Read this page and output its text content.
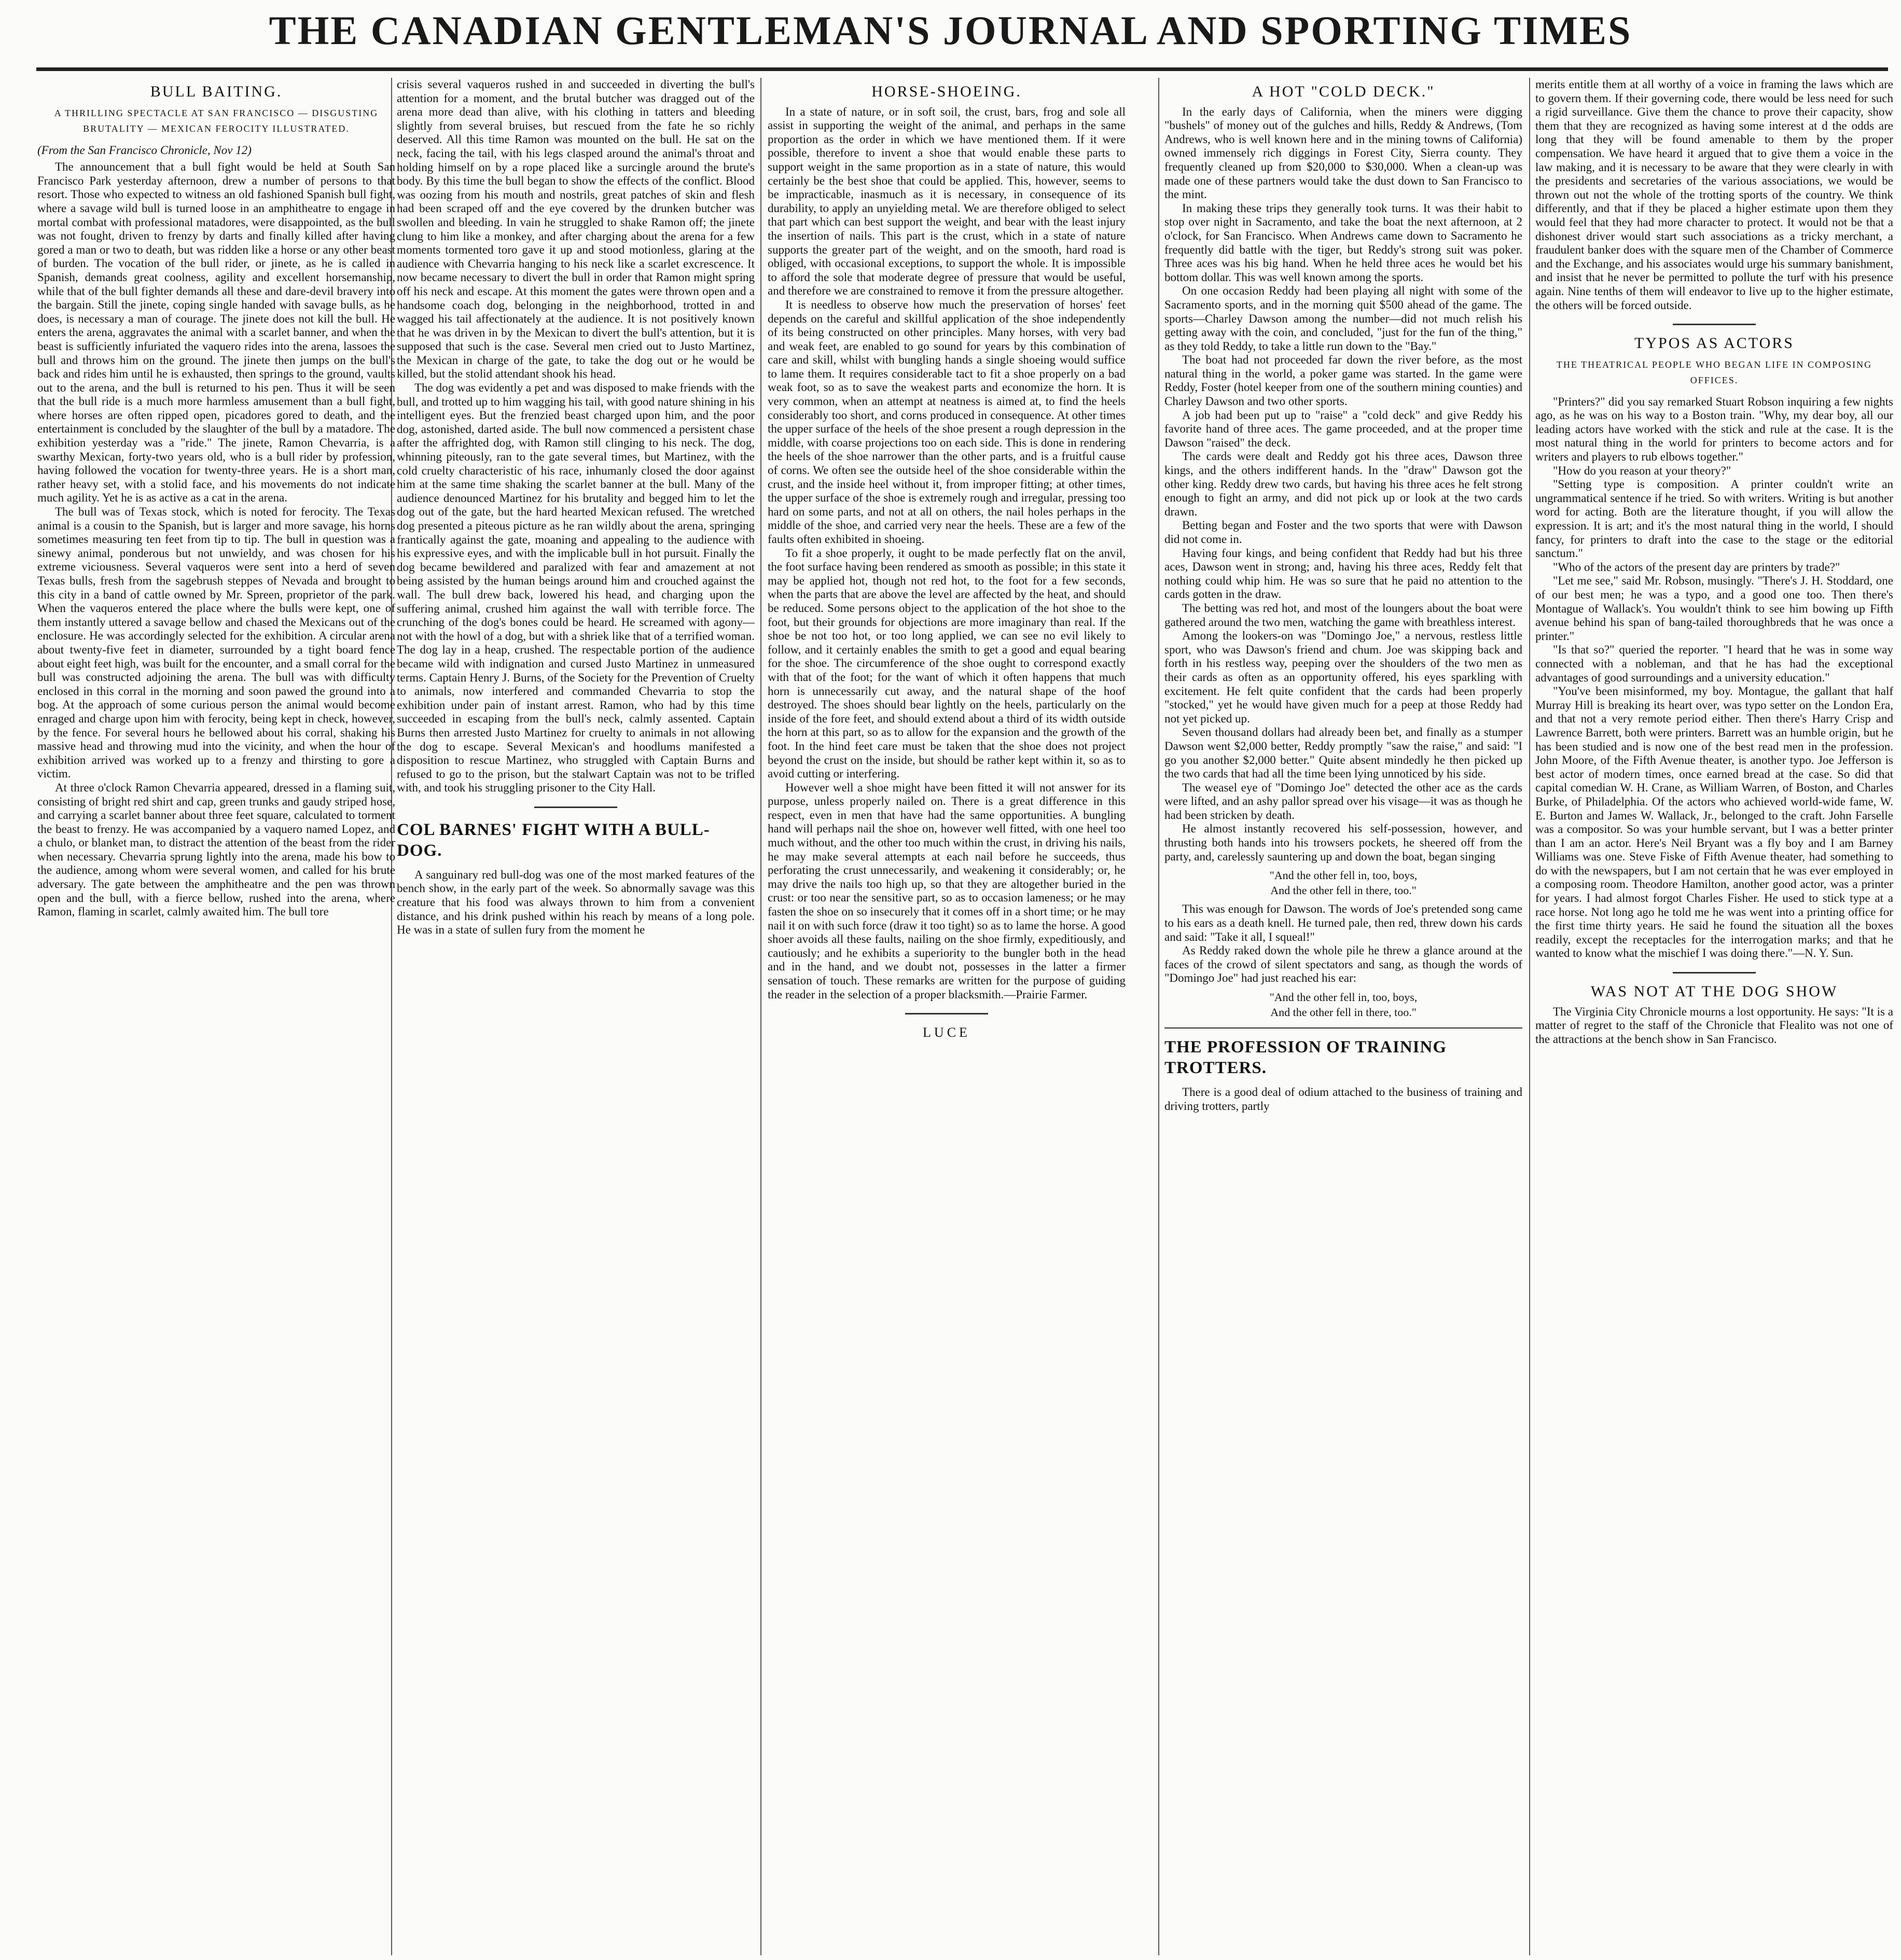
THE CANADIAN GENTLEMAN'S JOURNAL AND SPORTING TIMES
BULL BAITING.
A THRILLING SPECTACLE AT SAN FRANCISCO — DISGUSTING BRUTALITY — MEXICAN FEROCITY ILLUSTRATED.

(From the San Francisco Chronicle, Nov 12)

The announcement that a bull fight would be held at South San Francisco Park yesterday afternoon, drew a number of persons to that resort. Those who expected to witness an old fashioned Spanish bull fight, where a savage wild bull is turned loose in an amphitheatre to engage in mortal combat with professional matadores, were disappointed, as the bull was not fought, driven to frenzy by darts and finally killed after having gored a man or two to death, but was ridden like a horse or any other beast of burden. The vocation of the bull rider, or jinete, as he is called in Spanish, demands great coolness, agility and excellent horsemanship, while that of the bull fighter demands all these and dare-devil bravery into the bargain. Still the jinete, coping single handed with savage bulls, as he does, is necessary a man of courage. The jinete does not kill the bull. He enters the arena, aggravates the animal with a scarlet banner, and when the beast is sufficiently infuriated the vaquero rides into the arena, lassoes the bull and throws him on the ground. The jinete then jumps on the bull's back and rides him until he is exhausted, then springs to the ground, vaults out to the arena, and the bull is returned to his pen. Thus it will be seen that the bull ride is a much more harmless amusement than a bull fight, where horses are often ripped open, picadores gored to death, and the entertainment is concluded by the slaughter of the bull by a matadore. The exhibition yesterday was a "ride." The jinete, Ramon Chevarria, is a swarthy Mexican, forty-two years old, who is a bull rider by profession, having followed the vocation for twenty-three years. He is a short man, rather heavy set, with a stolid face, and his movements do not indicate much agility. Yet he is as active as a cat in the arena.

The bull was of Texas stock, which is noted for ferocity. The Texas animal is a cousin to the Spanish, but is larger and more savage, his horns sometimes measuring ten feet from tip to tip. The bull in question was a sinewy animal, ponderous but not unwieldy, and was chosen for his extreme viciousness. Several vaqueros were sent into a herd of seven Texas bulls, fresh from the sagebrush steppes of Nevada and brought to this city in a band of cattle owned by Mr. Spreen, proprietor of the park. When the vaqueros entered the place where the bulls were kept, one of them instantly uttered a savage bellow and chased the Mexicans out of the enclosure. He was accordingly selected for the exhibition. A circular arena about twenty-five feet in diameter, surrounded by a tight board fence about eight feet high, was built for the encounter, and a small corral for the bull was constructed adjoining the arena. The bull was with difficulty enclosed in this corral in the morning and soon pawed the ground into a bog. At the approach of some curious person the animal would become enraged and charge upon him with ferocity, being kept in check, however, by the fence. For several hours he bellowed about his corral, shaking his massive head and throwing mud into the vicinity, and when the hour of exhibition arrived was worked up to a frenzy and thirsting to gore a victim.

At three o'clock Ramon Chevarria appeared, dressed in a flaming suit, consisting of bright red shirt and cap, green trunks and gaudy striped hose, and carrying a scarlet banner about three feet square, calculated to torment the beast to frenzy. He was accompanied by a vaquero named Lopez, and a chulo, or blanket man, to distract the attention of the beast from the rider when necessary. Chevarria sprung lightly into the arena, made his bow to the audience, among whom were several women, and called for his brute adversary. The gate between the amphitheatre and the pen was thrown open and the bull, with a fierce bellow, rushed into the arena, where Ramon, flaming in scarlet, calmly awaited him. The bull tore

crisis several vaqueros rushed in and succeeded in diverting the bull's attention for a moment, and the brutal butcher was dragged out of the arena more dead than alive, with his clothing in tatters and bleeding slightly from several bruises, but rescued from the fate he so richly deserved. All this time Ramon was mounted on the bull. He sat on the neck, facing the tail, with his legs clasped around the animal's throat and holding himself on by a rope placed like a surcingle around the brute's body. By this time the bull began to show the effects of the conflict. Blood was oozing from his mouth and nostrils, great patches of skin and flesh had been scraped off and the eye covered by the drunken butcher was swollen and bleeding. In vain he struggled to shake Ramon off; the jinete clung to him like a monkey, and after charging about the arena for a few moments tormented toro gave it up and stood motionless, glaring at the audience with Chevarria hanging to his neck like a scarlet excrescence. It now became necessary to divert the bull in order that Ramon might spring off his neck and escape. At this moment the gates were thrown open and a handsome coach dog, belonging in the neighborhood, trotted in and wagged his tail affectionately at the audience. It is not positively known that he was driven in by the Mexican to divert the bull's attention, but it is supposed that such is the case. Several men cried out to Justo Martinez, the Mexican in charge of the gate, to take the dog out or he would be killed, but the stolid attendant shook his head.

The dog was evidently a pet and was disposed to make friends with the bull, and trotted up to him wagging his tail, with good nature shining in his intelligent eyes. But the frenzied beast charged upon him, and the poor dog, astonished, darted aside. The bull now commenced a persistent chase after the affrighted dog, with Ramon still clinging to his neck. The dog, whinning piteously, ran to the gate several times, but Martinez, with the cold cruelty characteristic of his race, inhumanly closed the door against him at the same time shaking the scarlet banner at the bull. Many of the audience denounced Martinez for his brutality and begged him to let the dog out of the gate, but the hard hearted Mexican refused. The wretched dog presented a piteous picture as he ran wildly about the arena, springing frantically against the gate, moaning and appealing to the audience with his expressive eyes, and with the implicable bull in hot pursuit. Finally the dog became bewildered and paralized with fear and amazement at not being assisted by the human beings around him and crouched against the wall. The bull drew back, lowered his head, and charging upon the suffering animal, crushed him against the wall with terrible force. The crunching of the dog's bones could be heard. He screamed with agony—not with the howl of a dog, but with a shriek like that of a terrified woman. The dog lay in a heap, crushed. The respectable portion of the audience became wild with indignation and cursed Justo Martinez in unmeasured terms. Captain Henry J. Burns, of the Society for the Prevention of Cruelty to animals, now interfered and commanded Chevarria to stop the exhibition under pain of instant arrest. Ramon, who had by this time succeeded in escaping from the bull's neck, calmly assented. Captain Burns then arrested Justo Martinez for cruelty to animals in not allowing the dog to escape. Several Mexican's and hoodlums manifested a disposition to rescue Martinez, who struggled with Captain Burns and refused to go to the prison, but the stalwart Captain was not to be trifled with, and took his struggling prisoner to the City Hall.

COL BARNES' FIGHT WITH A BULL-DOG.

A sanguinary red bull-dog was one of the most marked features of the bench show, in the early part of the week. So abnormally savage was this creature that his food was always thrown to him from a convenient distance, and his drink pushed within his reach by means of a long pole. He was in a state of sullen fury from the moment he

HORSE-SHOEING.

In a state of nature, or in soft soil, the crust, bars, frog and sole all assist in supporting the weight of the animal, and perhaps in the same proportion as the order in which we have mentioned them. If it were possible, therefore to invent a shoe that would enable these parts to support weight in the same proportion as in a state of nature, this would certainly be the best shoe that could be applied. This, however, seems to be impracticable, inasmuch as it is necessary, in consequence of its durability, to apply an unyielding metal. We are therefore obliged to select that part which can best support the weight, and bear with the least injury the insertion of nails. This part is the crust, which in a state of nature supports the greater part of the weight, and on the smooth, hard road is obliged, with occasional exceptions, to support the whole. It is impossible to afford the sole that moderate degree of pressure that would be useful, and therefore we are constrained to remove it from the pressure altogether.

It is needless to observe how much the preservation of horses' feet depends on the careful and skillful application of the shoe independently of its being constructed on other principles. Many horses, with very bad and weak feet, are enabled to go sound for years by this combination of care and skill, whilst with bungling hands a single shoeing would suffice to lame them. It requires considerable tact to fit a shoe properly on a bad weak foot, so as to save the weakest parts and economize the horn. It is very common, when an attempt at neatness is aimed at, to find the heels considerably too short, and corns produced in consequence. At other times the upper surface of the heels of the shoe present a rough depression in the middle, with coarse projections too on each side. This is done in rendering the heels of the shoe narrower than the other parts, and is a fruitful cause of corns. We often see the outside heel of the shoe considerable within the crust, and the inside heel without it, from improper fitting; at other times, the upper surface of the shoe is extremely rough and irregular, pressing too hard on some parts, and not at all on others, the nail holes perhaps in the middle of the shoe, and carried very near the heels. These are a few of the faults often exhibited in shoeing.

To fit a shoe properly, it ought to be made perfectly flat on the anvil, the foot surface having been rendered as smooth as possible; in this state it may be applied hot, though not red hot, to the foot for a few seconds, when the parts that are above the level are affected by the heat, and should be reduced. Some persons object to the application of the hot shoe to the foot, but their grounds for objections are more imaginary than real. If the shoe be not too hot, or too long applied, we can see no evil likely to follow, and it certainly enables the smith to get a good and equal bearing for the shoe. The circumference of the shoe ought to correspond exactly with that of the foot; for the want of which it often happens that much horn is unnecessarily cut away, and the natural shape of the hoof destroyed. The shoes should bear lightly on the heels, particularly on the inside of the fore feet, and should extend about a third of its width outside the horn at this part, so as to allow for the expansion and the growth of the foot. In the hind feet care must be taken that the shoe does not project beyond the crust on the inside, but should be rather kept within it, so as to avoid cutting or interfering.

However well a shoe might have been fitted it will not answer for its purpose, unless properly nailed on. There is a great difference in this respect, even in men that have had the same opportunities. A bungling hand will perhaps nail the shoe on, however well fitted, with one heel too much without, and the other too much within the crust, in driving his nails, he may make several attempts at each nail before he succeeds, thus perforating the crust unnecessarily, and weakening it considerably; or, he may drive the nails too high up, so that they are altogether buried in the crust: or too near the sensitive part, so as to occasion lameness; or he may fasten the shoe on so insecurely that it comes off in a short time; or he may nail it on with such force (draw it too tight) so as to lame the horse. A good shoer avoids all these faults, nailing on the shoe firmly, expeditiously, and cautiously; and he exhibits a superiority to the bungler both in the head and in the hand, and we doubt not, possesses in the latter a firmer sensation of touch. These remarks are written for the purpose of guiding the reader in the selection of a proper blacksmith.—Prairie Farmer.

LUCE
A HOT "COLD DECK."

In the early days of California, when the miners were digging "bushels" of money out of the gulches and hills, Reddy & Andrews, (Tom Andrews, who is well known here and in the mining towns of California) owned immensely rich diggings in Forest City, Sierra county. They frequently cleaned up from $20,000 to $30,000. When a clean-up was made one of these partners would take the dust down to San Francisco to the mint.

In making these trips they generally took turns. It was their habit to stop over night in Sacramento, and take the boat the next afternoon, at 2 o'clock, for San Francisco. When Andrews came down to Sacramento he frequently did battle with the tiger, but Reddy's strong suit was poker. Three aces was his big hand. When he held three aces he would bet his bottom dollar. This was well known among the sports.

On one occasion Reddy had been playing all night with some of the Sacramento sports, and in the morning quit $500 ahead of the game. The sports—Charley Dawson among the number—did not much relish his getting away with the coin, and concluded, "just for the fun of the thing," as they told Reddy, to take a little run down to the "Bay."

The boat had not proceeded far down the river before, as the most natural thing in the world, a poker game was started. In the game were Reddy, Foster (hotel keeper from one of the southern mining counties) and Charley Dawson and two other sports.

A job had been put up to "raise" a "cold deck" and give Reddy his favorite hand of three aces. The game proceeded, and at the proper time Dawson "raised" the deck.

The cards were dealt and Reddy got his three aces, Dawson three kings, and the others indifferent hands. In the "draw" Dawson got the other king. Reddy drew two cards, but having his three aces he felt strong enough to fight an army, and did not pick up or look at the two cards drawn.

Betting began and Foster and the two sports that were with Dawson did not come in.

Having four kings, and being confident that Reddy had but his three aces, Dawson went in strong; and, having his three aces, Reddy felt that nothing could whip him. He was so sure that he paid no attention to the cards gotten in the draw.

The betting was red hot, and most of the loungers about the boat were gathered around the two men, watching the game with breathless interest.

Among the lookers-on was "Domingo Joe," a nervous, restless little sport, who was Dawson's friend and chum. Joe was skipping back and forth in his restless way, peeping over the shoulders of the two men as their cards as often as an opportunity offered, his eyes sparkling with excitement. He felt quite confident that the cards had been properly "stocked," yet he would have given much for a peep at those Reddy had not yet picked up.

Seven thousand dollars had already been bet, and finally as a stumper Dawson went $2,000 better, Reddy promptly "saw the raise," and said: "I go you another $2,000 better." Quite absent mindedly he then picked up the two cards that had all the time been lying unnoticed by his side.

The weasel eye of "Domingo Joe" detected the other ace as the cards were lifted, and an ashy pallor spread over his visage—it was as though he had been stricken by death.

He almost instantly recovered his self-possession, however, and thrusting both hands into his trowsers pockets, he sheered off from the party, and, carelessly sauntering up and down the boat, began singing

"And the other fell in, too, boys,
And the other fell in there, too."

This was enough for Dawson. The words of Joe's pretended song came to his ears as a death knell. He turned pale, then red, threw down his cards and said: "Take it all, I squeal!"

As Reddy raked down the whole pile he threw a glance around at the faces of the crowd of silent spectators and sang, as though the words of "Domingo Joe" had just reached his ear:

"And the other fell in, too, boys,
And the other fell in there, too."
THE PROFESSION OF TRAINING TROTTERS.

There is a good deal of odium attached to the business of training and driving trotters, partly

merits entitle them at all worthy of a voice in framing the laws which are to govern them. If their governing code, there would be less need for such a rigid surveillance. Give them the chance to prove their capacity, show them that they are recognized as having some interest at d the odds are long that they will be found amenable to them by the proper compensation. We have heard it argued that to give them a voice in the law making, and it is necessary to be aware that they were clearly in with the presidents and secretaries of the various associations, we would be thrown out not the whole of the trotting sports of the country. We think differently, and that if they be placed a higher estimate upon them they would feel that they had more character to protect. It would not be that a dishonest driver would start such associations as a tricky merchant, a fraudulent banker does with the square men of the Chamber of Commerce and the Exchange, and his associates would urge his summary banishment, and insist that he never be permitted to pollute the turf with his presence again. Nine tenths of them will endeavor to live up to the higher estimate, the others will be forced outside.

TYPOS AS ACTORS
THE THEATRICAL PEOPLE WHO BEGAN LIFE IN COMPOSING OFFICES.

"Printers?" did you say remarked Stuart Robson inquiring a few nights ago, as he was on his way to a Boston train. "Why, my dear boy, all our leading actors have worked with the stick and rule at the case. It is the most natural thing in the world for printers to become actors and for writers and players to rub elbows together."

"How do you reason at your theory?"

"Setting type is composition. A printer couldn't write an ungrammatical sentence if he tried. So with writers. Writing is but another word for acting. Both are the literature thought, if you will allow the expression. It is art; and it's the most natural thing in the world, I should fancy, for printers to draft into the case to the stage or the editorial sanctum."

"Who of the actors of the present day are printers by trade?"

"Let me see," said Mr. Robson, musingly. "There's J. H. Stoddard, one of our best men; he was a typo, and a good one too. Then there's Montague of Wallack's. You wouldn't think to see him bowing up Fifth avenue behind his span of bang-tailed thoroughbreds that he was once a printer."

"Is that so?" queried the reporter. "I heard that he was in some way connected with a nobleman, and that he has had the exceptional advantages of good surroundings and a university education."

"You've been misinformed, my boy. Montague, the gallant that half Murray Hill is breaking its heart over, was typo setter on the London Era, and that not a very remote period either. Then there's Harry Crisp and Lawrence Barrett, both were printers. Barrett was an humble origin, but he has been studied and is now one of the best read men in the profession. John Moore, of the Fifth Avenue theater, is another typo. Joe Jefferson is best actor of modern times, once earned bread at the case. So did that capital comedian W. H. Crane, as William Warren, of Boston, and Charles Burke, of Philadelphia. Of the actors who achieved world-wide fame, W. E. Burton and James W. Wallack, Jr., belonged to the craft. John Farselle was a compositor. So was your humble servant, but I was a better printer than I am an actor. Here's Neil Bryant was a fly boy and I am Barney Williams was one. Steve Fiske of Fifth Avenue theater, had something to do with the newspapers, but I am not certain that he was ever employed in a composing room. Theodore Hamilton, another good actor, was a printer for years. I had almost forgot Charles Fisher. He used to stick type at a race horse. Not long ago he told me he was went into a printing office for the first time thirty years. He said he found the situation all the boxes readily, except the receptacles for the interrogation marks; and that he wanted to know what the mischief I was doing there."—N. Y. Sun.

WAS NOT AT THE DOG SHOW

The Virginia City Chronicle mourns a lost opportunity. He says: "It is a matter of regret to the staff of the Chronicle that Flealito was not one of the attractions at the bench show in San Francisco.
